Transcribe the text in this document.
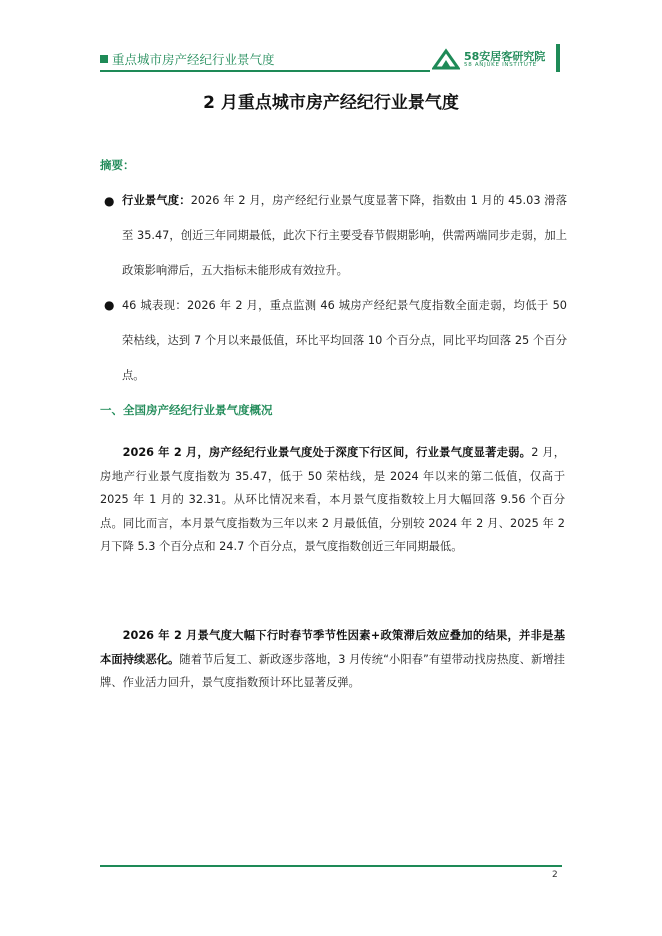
重点城市房产经纪行业景气度	58安居客研究院
58 ANJUKE INSTITUTE
2 月重点城市房产经纪行业景气度
摘要：
● 行业景气度：2026 年 2 月，房产经纪行业景气度显著下降，指数由 1 月的 45.03 滑落至 35.47，创近三年同期最低，此次下行主要受春节假期影响，供需两端同步走弱，加上政策影响滞后，五大指标未能形成有效拉升。
● 46 城表现：2026 年 2 月，重点监测 46 城房产经纪景气度指数全面走弱，均低于 50 荣枯线，达到 7 个月以来最低值，环比平均回落 10 个百分点，同比平均回落 25 个百分点。
一、全国房产经纪行业景气度概况
2026 年 2 月，房产经纪行业景气度处于深度下行区间，行业景气度显著走弱。2 月，房地产行业景气度指数为 35.47，低于 50 荣枯线，是 2024 年以来的第二低值，仅高于 2025 年 1 月的 32.31。从环比情况来看，本月景气度指数较上月大幅回落 9.56 个百分点。同比而言，本月景气度指数为三年以来 2 月最低值，分别较 2024 年 2 月、2025 年 2 月下降 5.3 个百分点和 24.7 个百分点，景气度指数创近三年同期最低。
2026 年 2 月景气度大幅下行时春节季节性因素+政策滞后效应叠加的结果，并非是基本面持续恶化。随着节后复工、新政逐步落地，3 月传统“小阳春”有望带动找房热度、新增挂牌、作业活力回升，景气度指数预计环比显著反弹。
2
